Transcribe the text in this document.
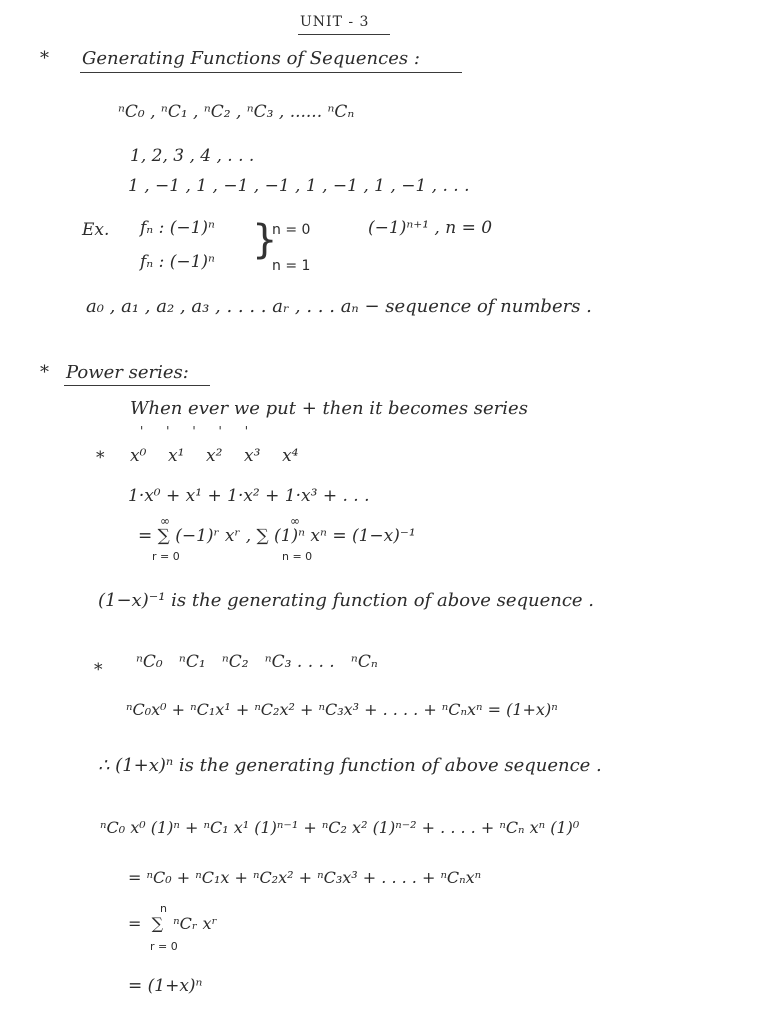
UNIT - 3
* Generating Functions of Sequences :
ⁿC₀ , ⁿC₁ , ⁿC₂ , ⁿC₃ , ...... ⁿCₙ
1, 2, 3 , 4 , . . .
1 , −1 , 1 , −1 , −1 , 1 , −1 , 1 , −1 , . . .
Ex. fₙ : (−1)ⁿ
fₙ : (−1)ⁿ }
n = 0
n = 1
(−1)ⁿ⁺¹ , n = 0
a₀ , a₁ , a₂ , a₃ , . . . . aᵣ , . . . aₙ − sequence of numbers .
* Power series:
When ever we put + then it becomes series
'      '      '      '      '
* x⁰    x¹    x²    x³    x⁴
1·x⁰ + x¹ + 1·x² + 1·x³ + . . .
∞
= ∑ (−1)ʳ xʳ , ∑ (1)ⁿ xⁿ = (1−x)⁻¹
r = 0
∞
n = 0
(1−x)⁻¹ is the generating function of above sequence .
* ⁿC₀   ⁿC₁   ⁿC₂   ⁿC₃ . . . .   ⁿCₙ
ⁿC₀x⁰ + ⁿC₁x¹ + ⁿC₂x² + ⁿC₃x³ + . . . . + ⁿCₙxⁿ = (1+x)ⁿ
∴ (1+x)ⁿ is the generating function of above sequence .
ⁿC₀ x⁰ (1)ⁿ + ⁿC₁ x¹ (1)ⁿ⁻¹ + ⁿC₂ x² (1)ⁿ⁻² + . . . . + ⁿCₙ xⁿ (1)⁰
= ⁿC₀ + ⁿC₁x + ⁿC₂x² + ⁿC₃x³ + . . . . + ⁿCₙxⁿ
n
=  ∑  ⁿCᵣ xʳ
r = 0
= (1+x)ⁿ
